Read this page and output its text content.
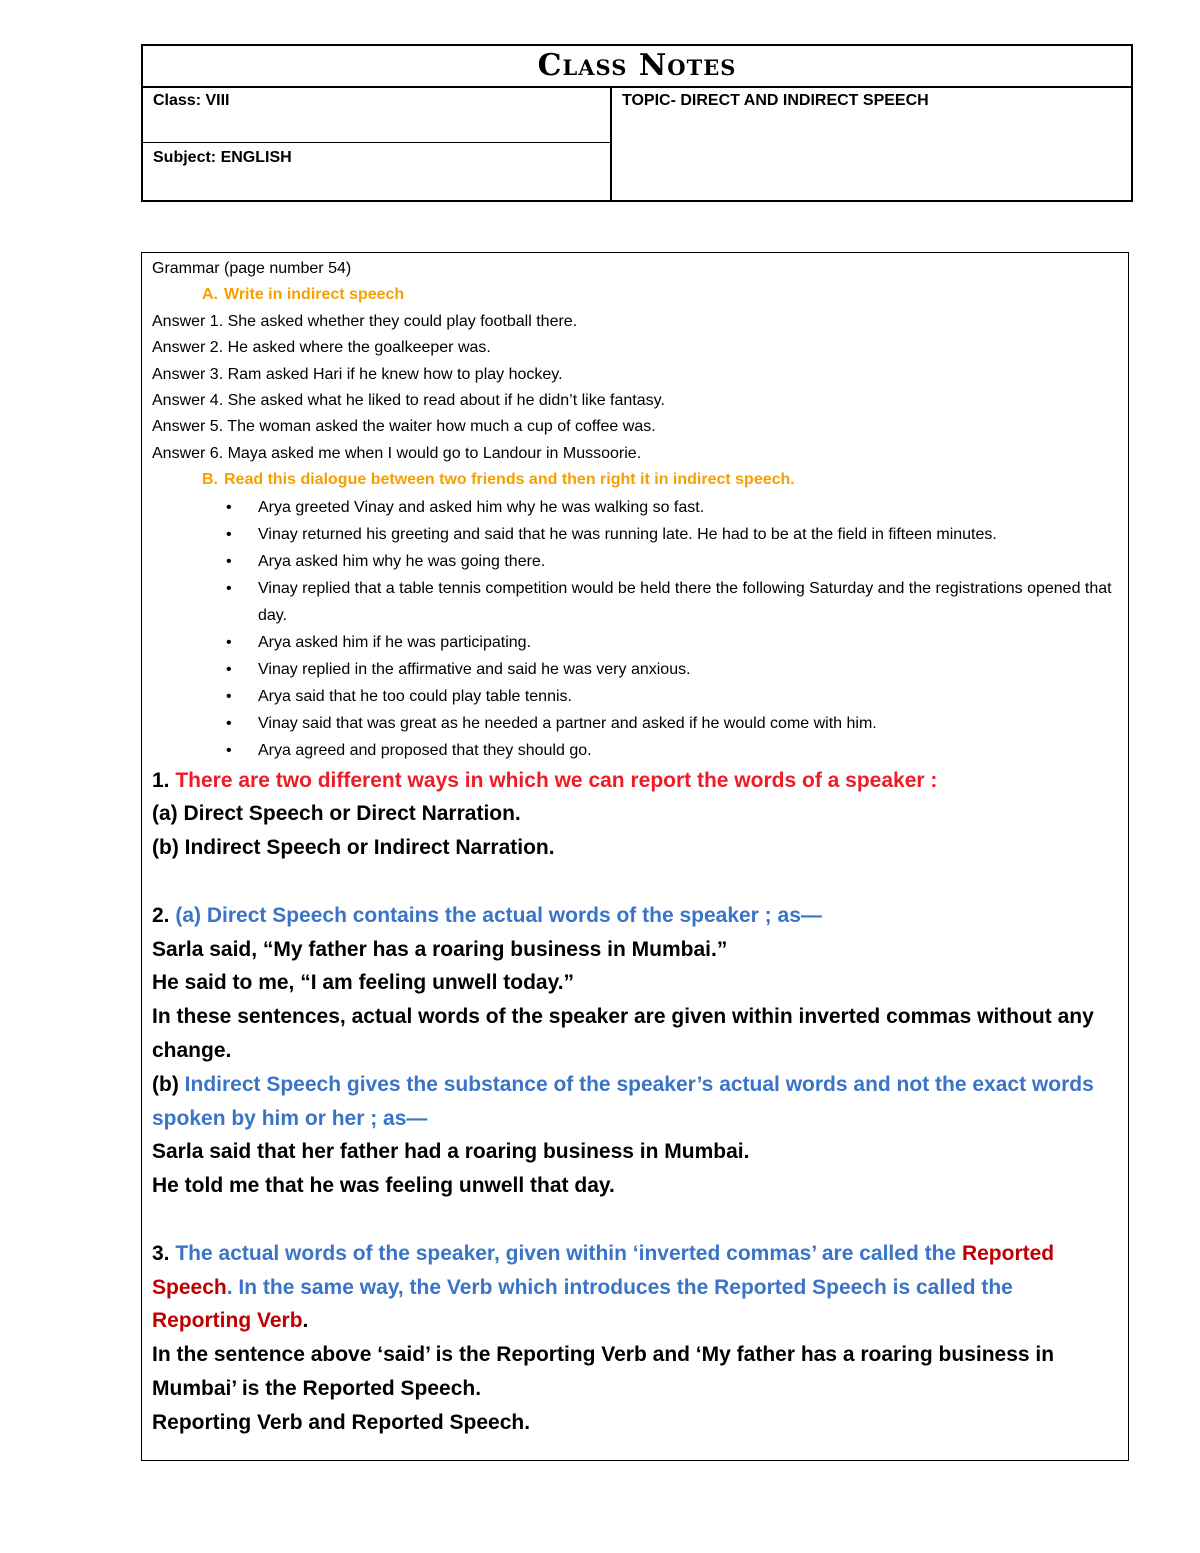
Class Notes
Class: VIII
Subject: ENGLISH
TOPIC- DIRECT AND INDIRECT SPEECH

Grammar (page number 54)

A. Write in indirect speech

Answer 1. She asked whether they could play football there.

Answer 2. He asked where the goalkeeper was.

Answer 3. Ram asked Hari if he knew how to play hockey.

Answer 4. She asked what he liked to read about if he didn’t like fantasy.

Answer 5. The woman asked the waiter how much a cup of coffee was.

Answer 6. Maya asked me when I would go to Landour in Mussoorie.

B. Read this dialogue between two friends and then right it in indirect speech.

• Arya greeted Vinay and asked him why he was walking so fast.
• Vinay returned his greeting and said that he was running late. He had to be at the field in fifteen minutes.
• Arya asked him why he was going there.
• Vinay replied that a table tennis competition would be held there the following Saturday and the registrations opened that day.
• Arya asked him if he was participating.
• Vinay replied in the affirmative and said he was very anxious.
• Arya said that he too could play table tennis.
• Vinay said that was great as he needed a partner and asked if he would come with him.
• Arya agreed and proposed that they should go.

1. There are two different ways in which we can report the words of a speaker :

(a) Direct Speech or Direct Narration.

(b) Indirect Speech or Indirect Narration.

2. (a) Direct Speech contains the actual words of the speaker ; as—

Sarla said, “My father has a roaring business in Mumbai.”

He said to me, “I am feeling unwell today.”

In these sentences, actual words of the speaker are given within inverted commas without any change.

(b) Indirect Speech gives the substance of the speaker’s actual words and not the exact words spoken by him or her ; as—

Sarla said that her father had a roaring business in Mumbai.

He told me that he was feeling unwell that day.

3. The actual words of the speaker, given within ‘inverted commas’ are called the Reported Speech. In the same way, the Verb which introduces the Reported Speech is called the Reporting Verb.

In the sentence above ‘said’ is the Reporting Verb and ‘My father has a roaring business in Mumbai’ is the Reported Speech.

Reporting Verb and Reported Speech.
